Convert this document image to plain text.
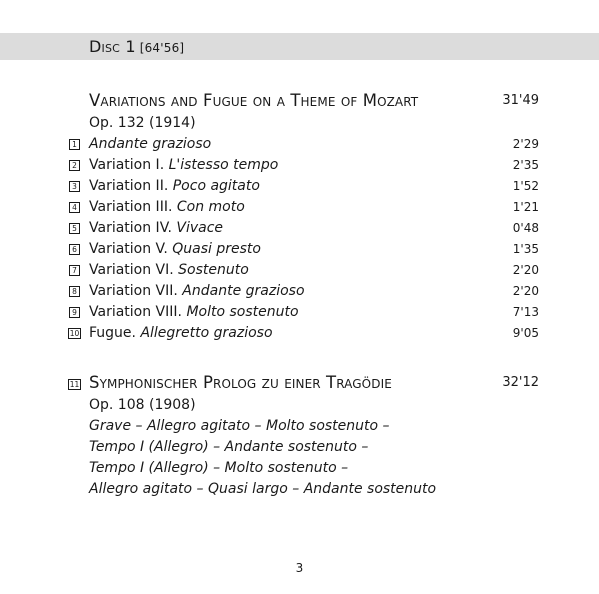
Disc 1 [64'56]
Variations and Fugue on a Theme of Mozart	31'49
Op. 132 (1914)
1 Andante grazioso	2'29
2 Variation I. L'istesso tempo	2'35
3 Variation II. Poco agitato	1'52
4 Variation III. Con moto	1'21
5 Variation IV. Vivace	0'48
6 Variation V. Quasi presto	1'35
7 Variation VI. Sostenuto	2'20
8 Variation VII. Andante grazioso	2'20
9 Variation VIII. Molto sostenuto	7'13
10 Fugue. Allegretto grazioso	9'05
11 Symphonischer Prolog zu einer Tragödie	32'12
Op. 108 (1908)
Grave – Allegro agitato – Molto sostenuto –
Tempo I (Allegro) – Andante sostenuto –
Tempo I (Allegro) – Molto sostenuto –
Allegro agitato – Quasi largo – Andante sostenuto
3
